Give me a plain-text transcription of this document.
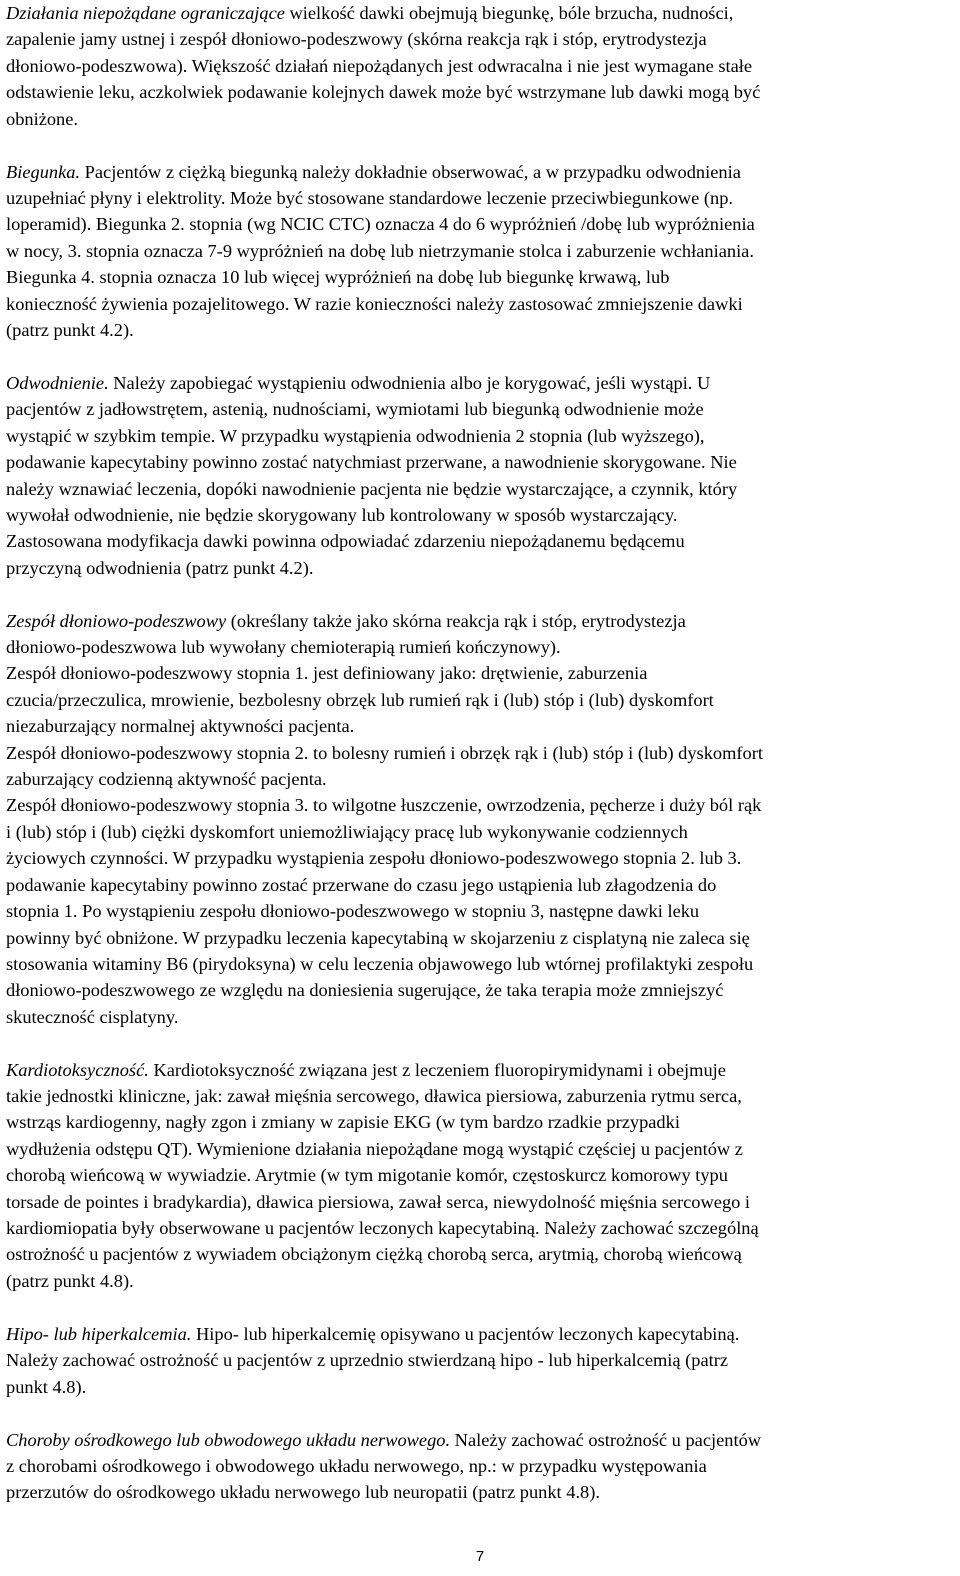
Działania niepożądane ograniczające wielkość dawki obejmują biegunkę, bóle brzucha, nudności,
zapalenie jamy ustnej i zespół dłoniowo-podeszwowy (skórna reakcja rąk i stóp, erytrodystezja
dłoniowo-podeszwowa). Większość działań niepożądanych jest odwracalna i nie jest wymagane stałe
odstawienie leku, aczkolwiek podawanie kolejnych dawek może być wstrzymane lub dawki mogą być
obniżone.

Biegunka. Pacjentów z ciężką biegunką należy dokładnie obserwować, a w przypadku odwodnienia
uzupełniać płyny i elektrolity. Może być stosowane standardowe leczenie przeciwbiegunkowe (np.
loperamid). Biegunka 2. stopnia (wg NCIC CTC) oznacza 4 do 6 wypróżnień /dobę lub wypróżnienia
w nocy, 3. stopnia oznacza 7-9 wypróżnień na dobę lub nietrzymanie stolca i zaburzenie wchłaniania.
Biegunka 4. stopnia oznacza 10 lub więcej wypróżnień na dobę lub biegunkę krwawą, lub
konieczność żywienia pozajelitowego. W razie konieczności należy zastosować zmniejszenie dawki
(patrz punkt 4.2).

Odwodnienie. Należy zapobiegać wystąpieniu odwodnienia albo je korygować, jeśli wystąpi. U
pacjentów z jadłowstrętem, astenią, nudnościami, wymiotami lub biegunką odwodnienie może
wystąpić w szybkim tempie. W przypadku wystąpienia odwodnienia 2 stopnia (lub wyższego),
podawanie kapecytabiny powinno zostać natychmiast przerwane, a nawodnienie skorygowane. Nie
należy wznawiać leczenia, dopóki nawodnienie pacjenta nie będzie wystarczające, a czynnik, który
wywołał odwodnienie, nie będzie skorygowany lub kontrolowany w sposób wystarczający.
Zastosowana modyfikacja dawki powinna odpowiadać zdarzeniu niepożądanemu będącemu
przyczyną odwodnienia (patrz punkt 4.2).

Zespół dłoniowo-podeszwowy (określany także jako skórna reakcja rąk i stóp, erytrodystezja
dłoniowo-podeszwowa lub wywołany chemioterapią rumień kończynowy).
Zespół dłoniowo-podeszwowy stopnia 1. jest definiowany jako: drętwienie, zaburzenia
czucia/przeczulica, mrowienie, bezbolesny obrzęk lub rumień rąk i (lub) stóp i (lub) dyskomfort
niezaburzający normalnej aktywności pacjenta.
Zespół dłoniowo-podeszwowy stopnia 2. to bolesny rumień i obrzęk rąk i (lub) stóp i (lub) dyskomfort
zaburzający codzienną aktywność pacjenta.
Zespół dłoniowo-podeszwowy stopnia 3. to wilgotne łuszczenie, owrzodzenia, pęcherze i duży ból rąk
i (lub) stóp i (lub) ciężki dyskomfort uniemożliwiający pracę lub wykonywanie codziennych
życiowych czynności. W przypadku wystąpienia zespołu dłoniowo-podeszwowego stopnia 2. lub 3.
podawanie kapecytabiny powinno zostać przerwane do czasu jego ustąpienia lub złagodzenia do
stopnia 1. Po wystąpieniu zespołu dłoniowo-podeszwowego w stopniu 3, następne dawki leku
powinny być obniżone. W przypadku leczenia kapecytabiną w skojarzeniu z cisplatyną nie zaleca się
stosowania witaminy B6 (pirydoksyna) w celu leczenia objawowego lub wtórnej profilaktyki zespołu
dłoniowo-podeszwowego ze względu na doniesienia sugerujące, że taka terapia może zmniejszyć
skuteczność cisplatyny.

Kardiotoksyczność. Kardiotoksyczność związana jest z leczeniem fluoropirymidynami i obejmuje
takie jednostki kliniczne, jak: zawał mięśnia sercowego, dławica piersiowa, zaburzenia rytmu serca,
wstrząs kardiogenny, nagły zgon i zmiany w zapisie EKG (w tym bardzo rzadkie przypadki
wydłużenia odstępu QT). Wymienione działania niepożądane mogą wystąpić częściej u pacjentów z
chorobą wieńcową w wywiadzie. Arytmie (w tym migotanie komór, częstoskurcz komorowy typu
torsade de pointes i bradykardia), dławica piersiowa, zawał serca, niewydolność mięśnia sercowego i
kardiomiopatia były obserwowane u pacjentów leczonych kapecytabiną. Należy zachować szczególną
ostrożność u pacjentów z wywiadem obciążonym ciężką chorobą serca, arytmią, chorobą wieńcową
(patrz punkt 4.8).

Hipo- lub hiperkalcemia. Hipo- lub hiperkalcemię opisywano u pacjentów leczonych kapecytabiną.
Należy zachować ostrożność u pacjentów z uprzednio stwierdzaną hipo - lub hiperkalcemią (patrz
punkt 4.8).

Choroby ośrodkowego lub obwodowego układu nerwowego. Należy zachować ostrożność u pacjentów
z chorobami ośrodkowego i obwodowego układu nerwowego, np.: w przypadku występowania
przerzutów do ośrodkowego układu nerwowego lub neuropatii (patrz punkt 4.8).

7
